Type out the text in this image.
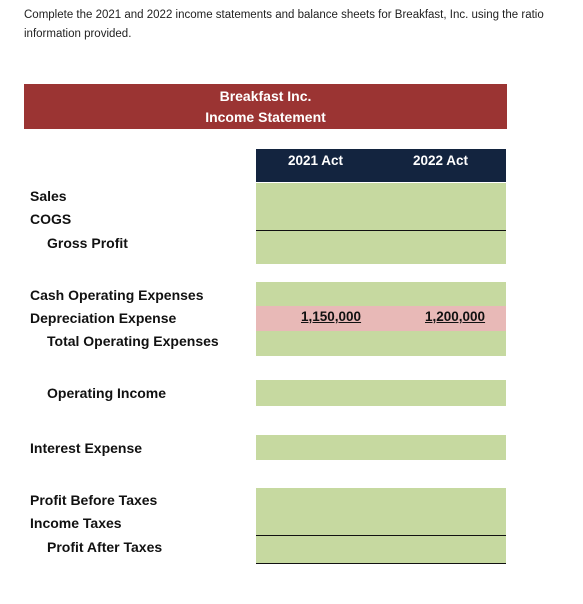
Complete the 2021 and 2022 income statements and balance sheets for Breakfast, Inc. using the ratio information provided.
Breakfast Inc.
Income Statement
2021 Act	2022 Act
Sales
COGS
Gross Profit
Cash Operating Expenses
Depreciation Expense
Total Operating Expenses
Operating Income
Interest Expense
Profit Before Taxes
Income Taxes
Profit After Taxes
1,150,000	1,200,000
